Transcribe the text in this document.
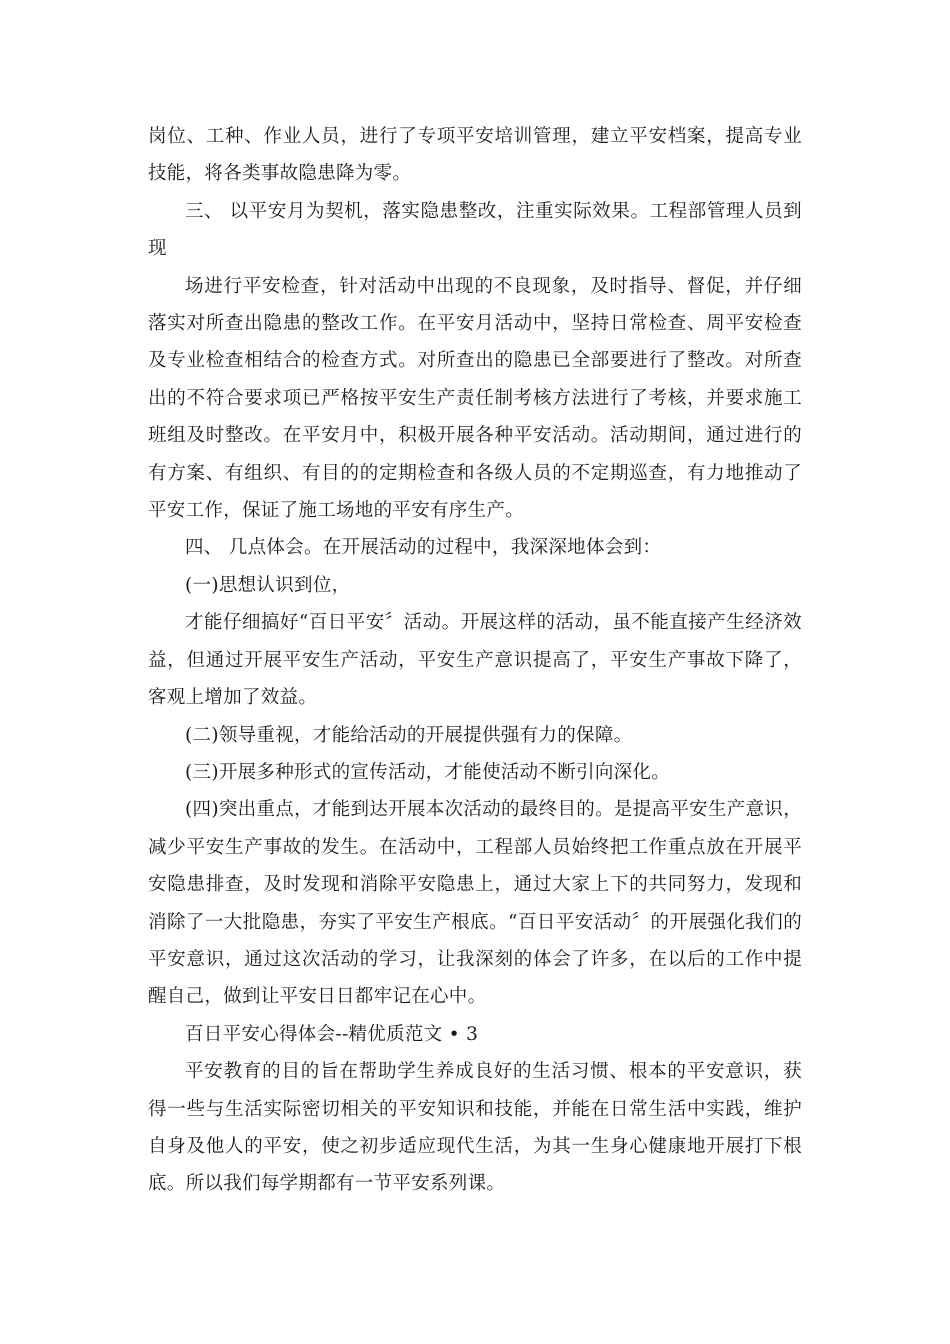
岗位、工种、作业人员，进行了专项平安培训管理，建立平安档案，提高专业技能，将各类事故隐患降为零。

三、 以平安月为契机，落实隐患整改，注重实际效果。工程部管理人员到现

场进行平安检查，针对活动中出现的不良现象，及时指导、督促，并仔细落实对所查出隐患的整改工作。在平安月活动中，坚持日常检查、周平安检查及专业检查相结合的检查方式。对所查出的隐患已全部要进行了整改。对所查出的不符合要求项已严格按平安生产责任制考核方法进行了考核，并要求施工班组及时整改。在平安月中，积极开展各种平安活动。活动期间，通过进行的有方案、有组织、有目的的定期检查和各级人员的不定期巡查，有力地推动了平安工作，保证了施工场地的平安有序生产。

四、 几点体会。在开展活动的过程中，我深深地体会到：

(一)思想认识到位，

才能仔细搞好“百日平安〞活动。开展这样的活动，虽不能直接产生经济效益，但通过开展平安生产活动，平安生产意识提高了，平安生产事故下降了，客观上增加了效益。

(二)领导重视，才能给活动的开展提供强有力的保障。

(三)开展多种形式的宣传活动，才能使活动不断引向深化。

(四)突出重点，才能到达开展本次活动的最终目的。是提高平安生产意识，减少平安生产事故的发生。在活动中，工程部人员始终把工作重点放在开展平安隐患排查，及时发现和消除平安隐患上，通过大家上下的共同努力，发现和消除了一大批隐患，夯实了平安生产根底。“百日平安活动〞的开展强化我们的平安意识，通过这次活动的学习，让我深刻的体会了许多，在以后的工作中提醒自己，做到让平安日日都牢记在心中。

百日平安心得体会--精优质范文 • 3

平安教育的目的旨在帮助学生养成良好的生活习惯、根本的平安意识，获得一些与生活实际密切相关的平安知识和技能，并能在日常生活中实践，维护自身及他人的平安，使之初步适应现代生活，为其一生身心健康地开展打下根底。所以我们每学期都有一节平安系列课。
